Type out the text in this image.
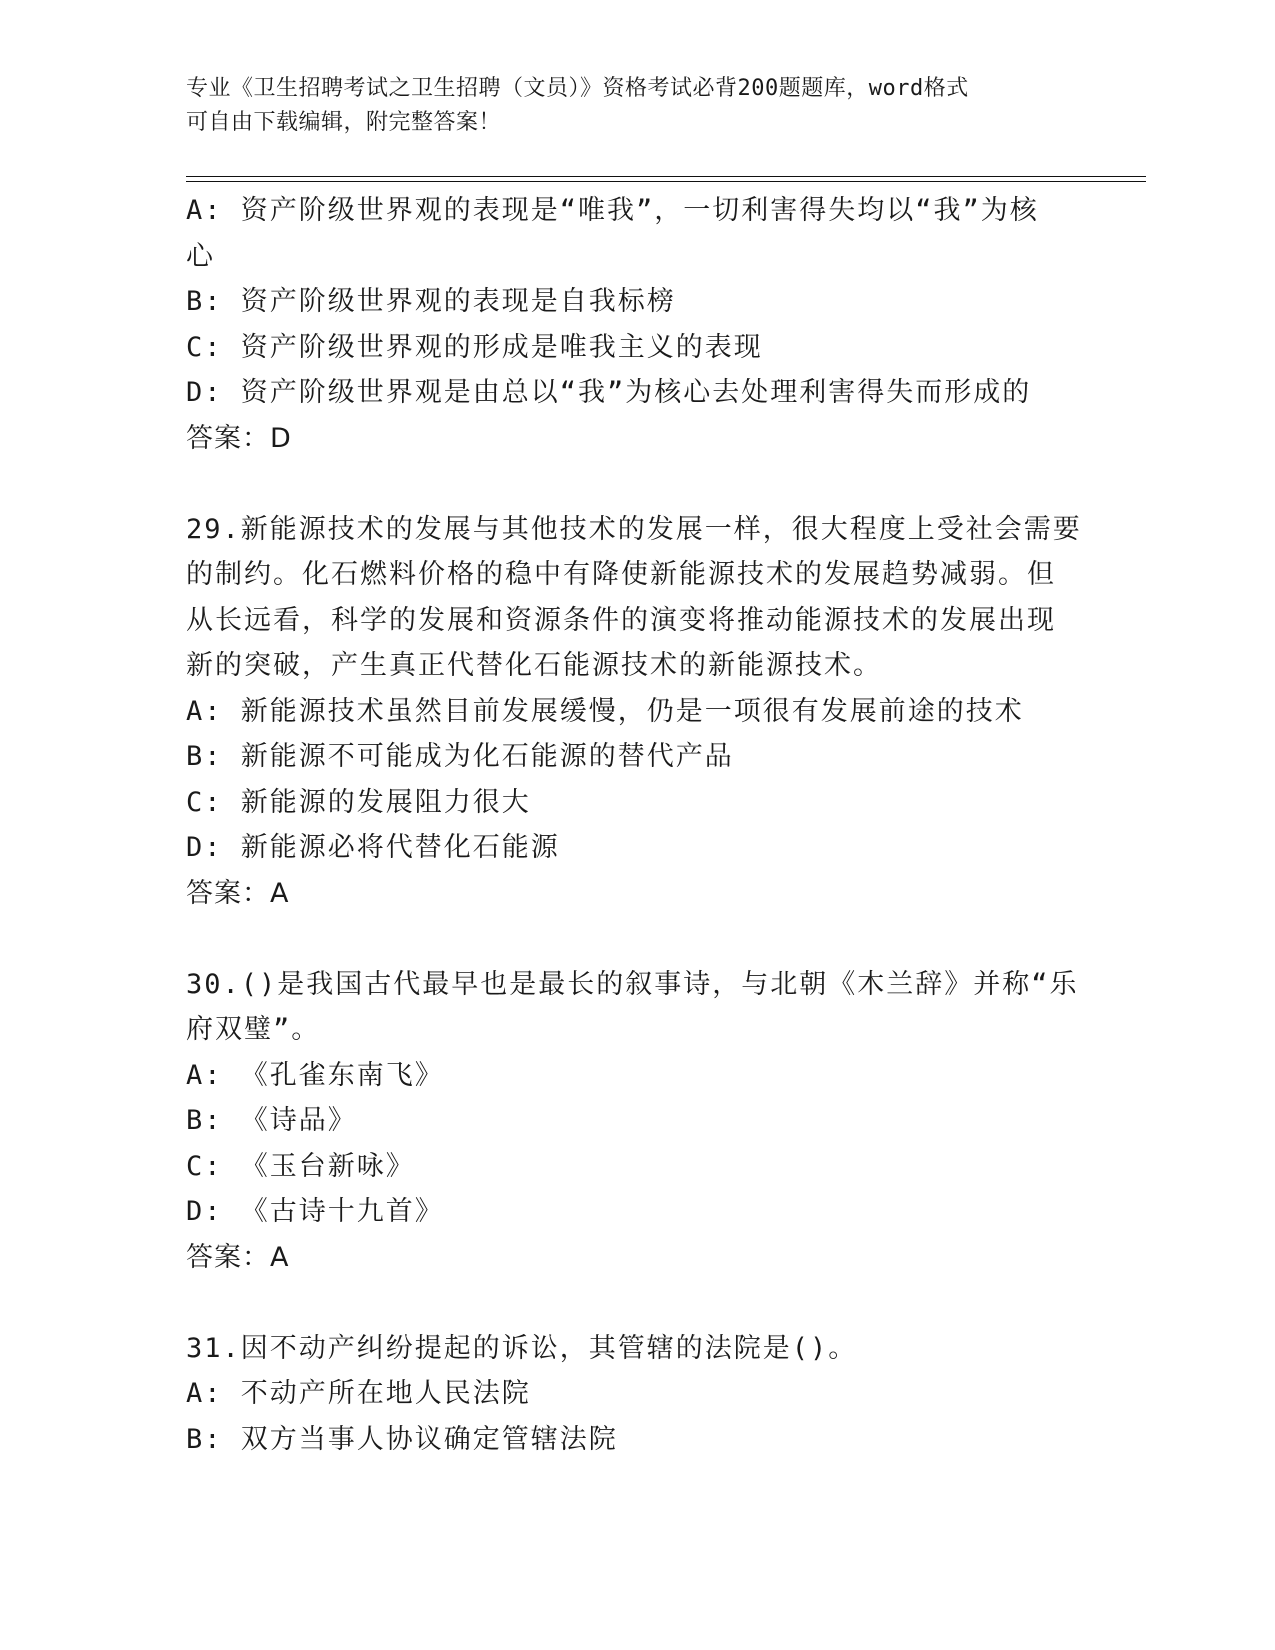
专业《卫生招聘考试之卫生招聘（文员）》资格考试必背200题题库，word格式
可自由下载编辑，附完整答案！
A: 资产阶级世界观的表现是“唯我”，一切利害得失均以“我”为核
心
B: 资产阶级世界观的表现是自我标榜
C: 资产阶级世界观的形成是唯我主义的表现
D: 资产阶级世界观是由总以“我”为核心去处理利害得失而形成的
答案：D
29.新能源技术的发展与其他技术的发展一样，很大程度上受社会需要
的制约。化石燃料价格的稳中有降使新能源技术的发展趋势减弱。但
从长远看，科学的发展和资源条件的演变将推动能源技术的发展出现
新的突破，产生真正代替化石能源技术的新能源技术。
A: 新能源技术虽然目前发展缓慢，仍是一项很有发展前途的技术
B: 新能源不可能成为化石能源的替代产品
C: 新能源的发展阻力很大
D: 新能源必将代替化石能源
答案：A
30.()是我国古代最早也是最长的叙事诗，与北朝《木兰辞》并称“乐
府双璧”。
A: 《孔雀东南飞》
B: 《诗品》
C: 《玉台新咏》
D: 《古诗十九首》
答案：A
31.因不动产纠纷提起的诉讼，其管辖的法院是()。
A: 不动产所在地人民法院
B: 双方当事人协议确定管辖法院
